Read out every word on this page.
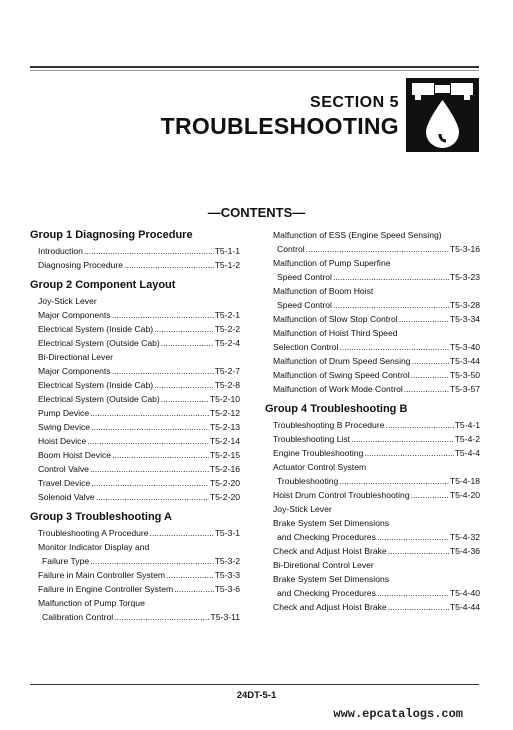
SECTION 5
TROUBLESHOOTING
—CONTENTS—
Group 1 Diagnosing Procedure
Introduction .....	T5-1-1
Diagnosing Procedure .....	T5-1-2
Group 2 Component Layout
Joy-Stick Lever
Major Components .....	T5-2-1
Electrical System (Inside Cab) .....	T5-2-2
Electrical System (Outside Cab) .....	T5-2-4
Bi-Directional Lever
Major Components .....	T5-2-7
Electrical System (Inside Cab) .....	T5-2-8
Electrical System (Outside Cab) .....	T5-2-10
Pump Device .....	T5-2-12
Swing Device .....	T5-2-13
Hoist Device .....	T5-2-14
Boom Hoist Device .....	T5-2-15
Control Valve .....	T5-2-16
Travel Device .....	T5-2-20
Solenoid Valve .....	T5-2-20
Group 3 Troubleshooting A
Troubleshooting A Procedure .....	T5-3-1
Monitor Indicator Display and
Failure Type .....	T5-3-2
Failure in Main Controller System .....	T5-3-3
Failure in Engine Controller System .....	T5-3-6
Malfunction of Pump Torque
Calibration Control .....	T5-3-11
Malfunction of ESS (Engine Speed Sensing)
Control .....	T5-3-16
Malfunction of Pump Superfine
Speed Control .....	T5-3-23
Malfunction of Boom Hoist
Speed Control .....	T5-3-28
Malfunction of Slow Stop Control .....	T5-3-34
Malfunction of Hoist Third Speed
Selection Control .....	T5-3-40
Malfunction of Drum Speed Sensing .....	T5-3-44
Malfunction of Swing Speed Control .....	T5-3-50
Malfunction of Work Mode Control .....	T5-3-57
Group 4 Troubleshooting B
Troubleshooting B Procedure .....	T5-4-1
Troubleshooting List .....	T5-4-2
Engine Troubleshooting .....	T5-4-4
Actuator Control System
Troubleshooting .....	T5-4-18
Hoist Drum Control Troubleshooting .....	T5-4-20
Joy-Stick Lever
Brake System Set Dimensions
and Checking Procedures .....	T5-4-32
Check and Adjust Hoist Brake .....	T5-4-36
Bi-Diretional Control Lever
Brake System Set Dimensions
and Checking Procedures .....	T5-4-40
Check and Adjust Hoist Brake .....	T5-4-44
24DT-5-1
www.epcatalogs.com
